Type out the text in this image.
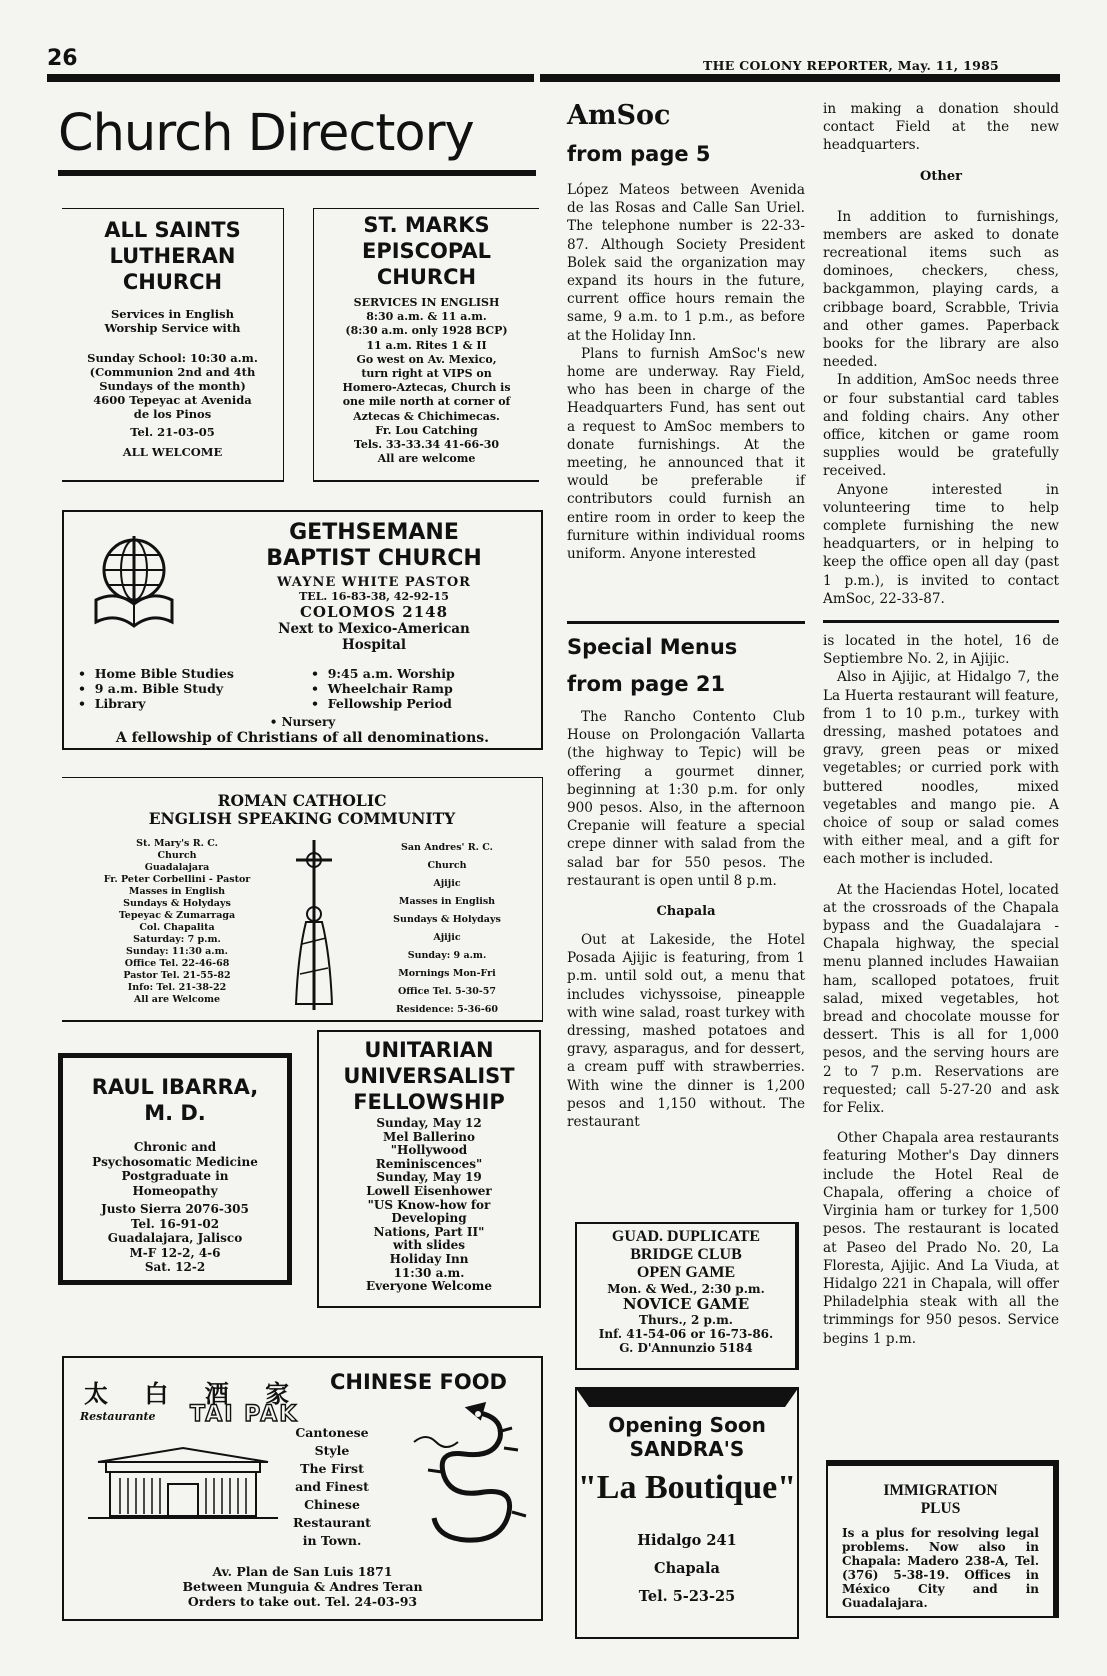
26	THE COLONY REPORTER, May. 11, 1985
Church Directory
ALL SAINTS
LUTHERAN
CHURCH
Services in English
Worship Service with
Sunday School: 10:30 a.m.
(Communion 2nd and 4th
Sundays of the month)
4600 Tepeyac at Avenida
de los Pinos
Tel. 21-03-05
ALL WELCOME
ST. MARKS
EPISCOPAL
CHURCH
SERVICES IN ENGLISH
8:30 a.m. & 11 a.m.
(8:30 a.m. only 1928 BCP)
11 a.m. Rites 1 & II
Go west on Av. Mexico,
turn right at VIPS on
Homero-Aztecas, Church is
one mile north at corner of
Aztecas & Chichimecas.
Fr. Lou Catching
Tels. 33-33.34 41-66-30
All are welcome
GETHSEMANE
BAPTIST CHURCH
WAYNE WHITE PASTOR
TEL. 16-83-38, 42-92-15
COLOMOS 2148
Next to Mexico-American
Hospital
• Home Bible Studies
• 9 a.m. Bible Study
• Library
• 9:45 a.m. Worship
• Wheelchair Ramp
• Fellowship Period
• Nursery
A fellowship of Christians of all denominations.
ROMAN CATHOLIC
ENGLISH SPEAKING COMMUNITY
St. Mary's R. C.
Church
Guadalajara
Fr. Peter Corbellini - Pastor
Masses in English
Sundays & Holydays
Tepeyac & Zumarraga
Col. Chapalita
Saturday: 7 p.m.
Sunday: 11:30 a.m.
Office Tel. 22-46-68
Pastor Tel. 21-55-82
Info: Tel. 21-38-22
All are Welcome
San Andres' R. C.
Church
Ajijic
Masses in English
Sundays & Holydays
Ajijic
Sunday: 9 a.m.
Mornings Mon-Fri
Office Tel. 5-30-57
Residence: 5-36-60
RAUL IBARRA,
M. D.
Chronic and
Psychosomatic Medicine
Postgraduate in
Homeopathy
Justo Sierra 2076-305
Tel. 16-91-02
Guadalajara, Jalisco
M-F 12-2, 4-6
Sat. 12-2
UNITARIAN
UNIVERSALIST
FELLOWSHIP
Sunday, May 12
Mel Ballerino
"Hollywood
Reminiscences"
Sunday, May 19
Lowell Eisenhower
"US Know-how for
Developing
Nations, Part II"
with slides
Holiday Inn
11:30 a.m.
Everyone Welcome
太 白 酒 家
Restaurante TAI PAK
Cantonese
Style
The First
and Finest
Chinese
Restaurant
in Town.
CHINESE FOOD
Av. Plan de San Luis 1871
Between Munguia & Andres Teran
Orders to take out. Tel. 24-03-93
AmSoc
from page 5

López Mateos between Avenida de las Rosas and Calle San Uriel. The telephone number is 22-33-87. Although Society President Bolek said the organization may expand its hours in the future, current office hours remain the same, 9 a.m. to 1 p.m., as before at the Holiday Inn.

Plans to furnish AmSoc's new home are underway. Ray Field, who has been in charge of the Headquarters Fund, has sent out a request to AmSoc members to donate furnishings. At the meeting, he announced that it would be preferable if contributors could furnish an entire room in order to keep the furniture within individual rooms uniform. Anyone interested

Special Menus
from page 21

The Rancho Contento Club House on Prolongación Vallarta (the highway to Tepic) will be offering a gourmet dinner, beginning at 1:30 p.m. for only 900 pesos. Also, in the afternoon Crepanie will feature a special crepe dinner with salad from the salad bar for 550 pesos. The restaurant is open until 8 p.m.

Chapala

Out at Lakeside, the Hotel Posada Ajijic is featuring, from 1 p.m. until sold out, a menu that includes vichyssoise, pineapple with wine salad, roast turkey with dressing, mashed potatoes and gravy, asparagus, and for dessert, a cream puff with strawberries. With wine the dinner is 1,200 pesos and 1,150 without. The restaurant

GUAD. DUPLICATE
BRIDGE CLUB
OPEN GAME
Mon. & Wed., 2:30 p.m.
NOVICE GAME
Thurs., 2 p.m.
Inf. 41-54-06 or 16-73-86.
G. D'Annunzio 5184
Opening Soon
SANDRA'S
"La Boutique"
Hidalgo 241
Chapala
Tel. 5-23-25

in making a donation should contact Field at the new headquarters.

Other

In addition to furnishings, members are asked to donate recreational items such as dominoes, checkers, chess, backgammon, playing cards, a cribbage board, Scrabble, Trivia and other games. Paperback books for the library are also needed.

In addition, AmSoc needs three or four substantial card tables and folding chairs. Any other office, kitchen or game room supplies would be gratefully received.

Anyone interested in volunteering time to help complete furnishing the new headquarters, or in helping to keep the office open all day (past 1 p.m.), is invited to contact AmSoc, 22-33-87.

is located in the hotel, 16 de Septiembre No. 2, in Ajijic.

Also in Ajijic, at Hidalgo 7, the La Huerta restaurant will feature, from 1 to 10 p.m., turkey with dressing, mashed potatoes and gravy, green peas or mixed vegetables; or curried pork with buttered noodles, mixed vegetables and mango pie. A choice of soup or salad comes with either meal, and a gift for each mother is included.

At the Haciendas Hotel, located at the crossroads of the Chapala bypass and the Guadalajara - Chapala highway, the special menu planned includes Hawaiian ham, scalloped potatoes, fruit salad, mixed vegetables, hot bread and chocolate mousse for dessert. This is all for 1,000 pesos, and the serving hours are 2 to 7 p.m. Reservations are requested; call 5-27-20 and ask for Felix.

Other Chapala area restaurants featuring Mother's Day dinners include the Hotel Real de Chapala, offering a choice of Virginia ham or turkey for 1,500 pesos. The restaurant is located at Paseo del Prado No. 20, La Floresta, Ajijic. And La Viuda, at Hidalgo 221 in Chapala, will offer Philadelphia steak with all the trimmings for 950 pesos. Service begins 1 p.m.

IMMIGRATION
PLUS
Is a plus for resolving legal problems. Now also in Chapala: Madero 238-A, Tel. (376) 5-38-19. Offices in México City and in Guadalajara.
